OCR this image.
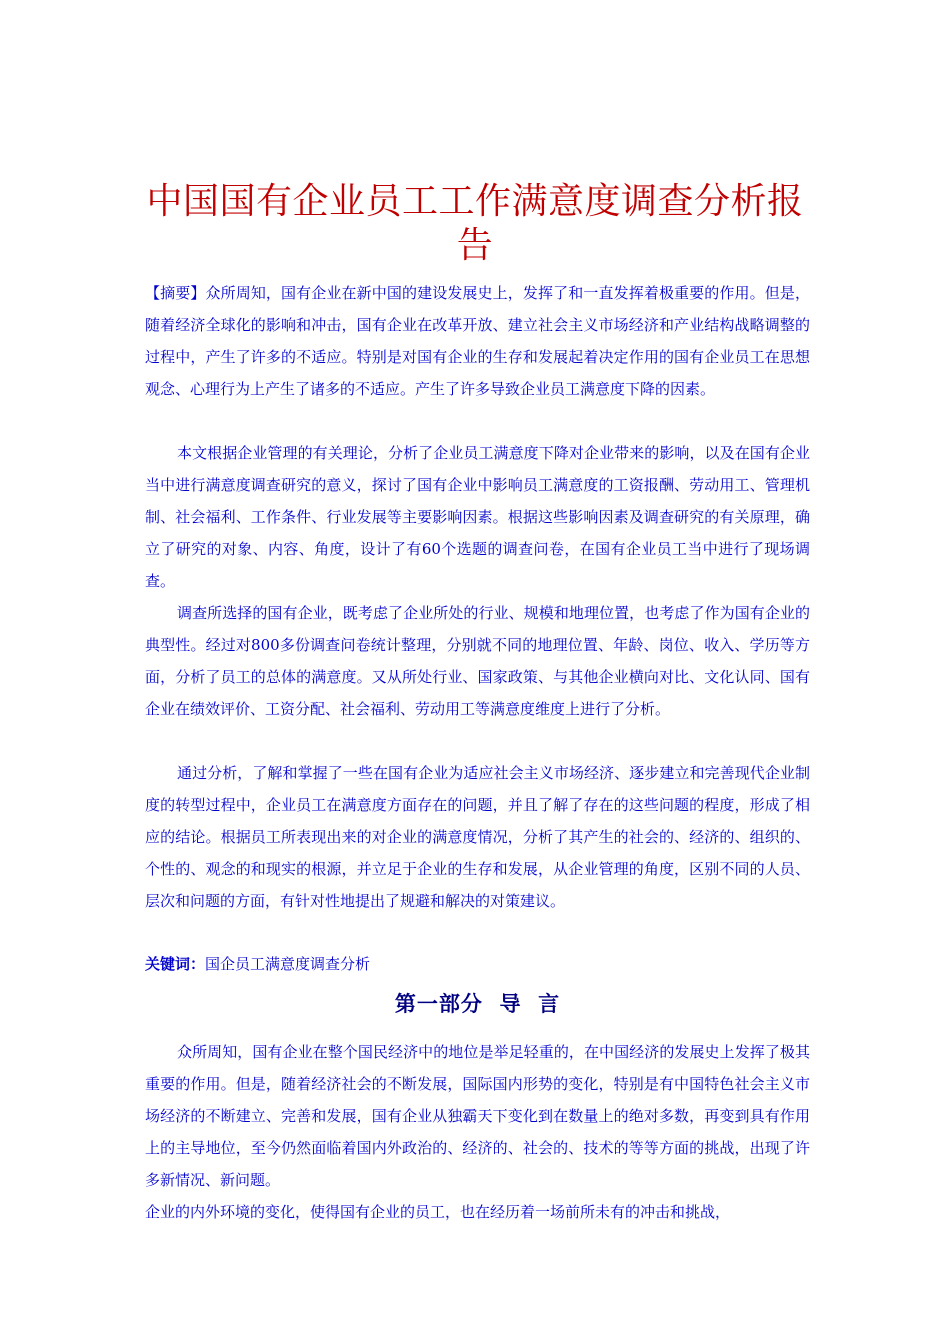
中国国有企业员工工作满意度调查分析报告

【摘要】众所周知，国有企业在新中国的建设发展史上，发挥了和一直发挥着极重要的作用。但是，随着经济全球化的影响和冲击，国有企业在改革开放、建立社会主义市场经济和产业结构战略调整的过程中，产生了许多的不适应。特别是对国有企业的生存和发展起着决定作用的国有企业员工在思想观念、心理行为上产生了诸多的不适应。产生了许多导致企业员工满意度下降的因素。

本文根据企业管理的有关理论，分析了企业员工满意度下降对企业带来的影响，以及在国有企业当中进行满意度调查研究的意义，探讨了国有企业中影响员工满意度的工资报酬、劳动用工、管理机制、社会福利、工作条件、行业发展等主要影响因素。根据这些影响因素及调查研究的有关原理，确立了研究的对象、内容、角度，设计了有60个选题的调查问卷，在国有企业员工当中进行了现场调查。
调查所选择的国有企业，既考虑了企业所处的行业、规模和地理位置，也考虑了作为国有企业的典型性。经过对800多份调查问卷统计整理，分别就不同的地理位置、年龄、岗位、收入、学历等方面，分析了员工的总体的满意度。又从所处行业、国家政策、与其他企业横向对比、文化认同、国有企业在绩效评价、工资分配、社会福利、劳动用工等满意度维度上进行了分析。
通过分析，了解和掌握了一些在国有企业为适应社会主义市场经济、逐步建立和完善现代企业制度的转型过程中，企业员工在满意度方面存在的问题，并且了解了存在的这些问题的程度，形成了相应的结论。根据员工所表现出来的对企业的满意度情况，分析了其产生的社会的、经济的、组织的、个性的、观念的和现实的根源，并立足于企业的生存和发展，从企业管理的角度，区别不同的人员、层次和问题的方面，有针对性地提出了规避和解决的对策建议。
关键词：国企员工满意度调查分析
第一部分  导  言
众所周知，国有企业在整个国民经济中的地位是举足轻重的，在中国经济的发展史上发挥了极其重要的作用。但是，随着经济社会的不断发展，国际国内形势的变化，特别是有中国特色社会主义市场经济的不断建立、完善和发展，国有企业从独霸天下变化到在数量上的绝对多数，再变到具有作用上的主导地位，至今仍然面临着国内外政治的、经济的、社会的、技术的等等方面的挑战，出现了许多新情况、新问题。
企业的内外环境的变化，使得国有企业的员工，也在经历着一场前所未有的冲击和挑战，
